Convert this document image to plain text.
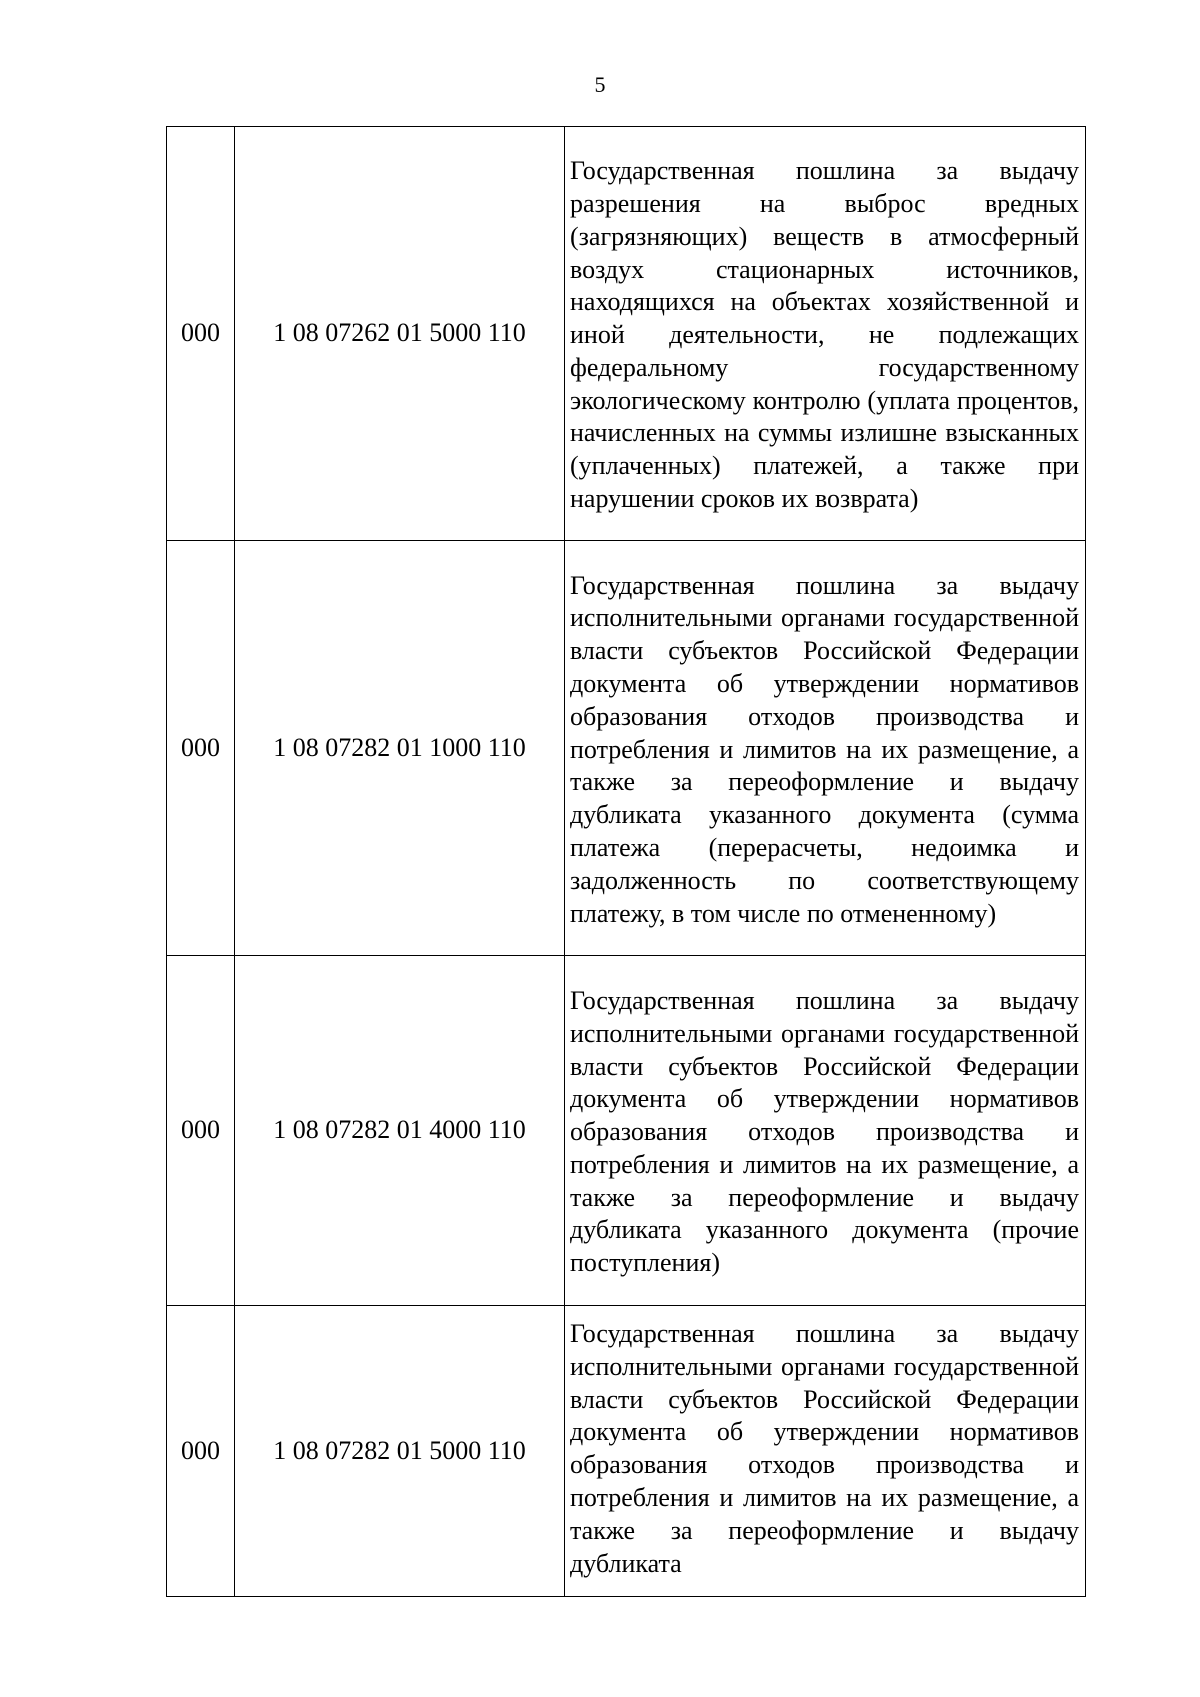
5
000	1 08 07262 01 5000 110	Государственная пошлина за выдачу разрешения на выброс вредных (загрязняющих) веществ в атмосферный воздух стационарных источников, находящихся на объектах хозяйственной и иной деятельности, не подлежащих федеральному государственному экологическому контролю (уплата процентов, начисленных на суммы излишне взысканных (уплаченных) платежей, а также при нарушении сроков их возврата)

000	1 08 07282 01 1000 110	Государственная пошлина за выдачу исполнительными органами государственной власти субъектов Российской Федерации документа об утверждении нормативов образования отходов производства и потребления и лимитов на их размещение, а также за переоформление и выдачу дубликата указанного документа (сумма платежа (перерасчеты, недоимка и задолженность по соответствующему платежу, в том числе по отмененному)

000	1 08 07282 01 4000 110	Государственная пошлина за выдачу исполнительными органами государственной власти субъектов Российской Федерации документа об утверждении нормативов образования отходов производства и потребления и лимитов на их размещение, а также за переоформление и выдачу дубликата указанного документа (прочие поступления)

000	1 08 07282 01 5000 110	Государственная пошлина за выдачу исполнительными органами государственной власти субъектов Российской Федерации документа об утверждении нормативов образования отходов производства и потребления и лимитов на их размещение, а также за переоформление и выдачу дубликата
